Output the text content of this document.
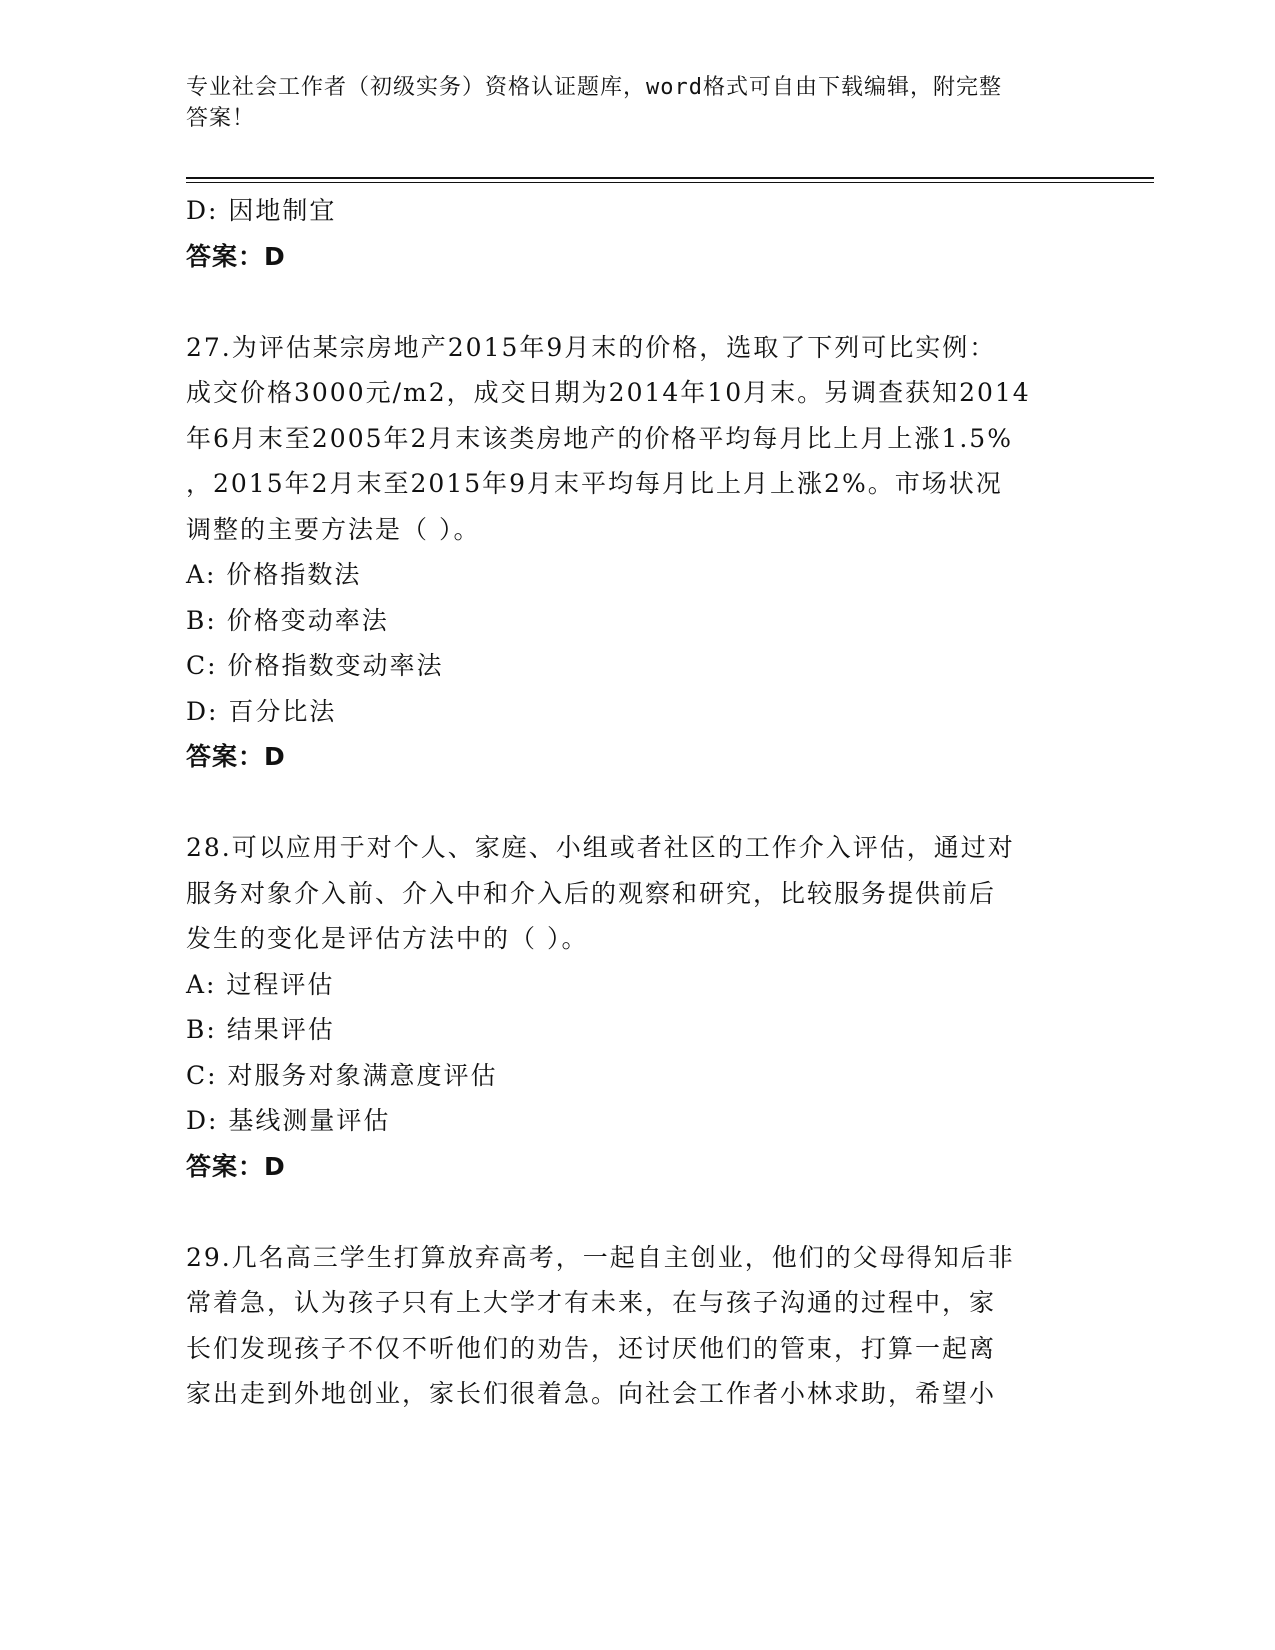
专业社会工作者（初级实务）资格认证题库，word格式可自由下载编辑，附完整
答案！
D: 因地制宜
答案：D
27.为评估某宗房地产2015年9月末的价格，选取了下列可比实例：
成交价格3000元/m2，成交日期为2014年10月末。另调查获知2014
年6月末至2005年2月末该类房地产的价格平均每月比上月上涨1.5%
，2015年2月末至2015年9月末平均每月比上月上涨2%。市场状况
调整的主要方法是（ ）。
A: 价格指数法
B: 价格变动率法
C: 价格指数变动率法
D: 百分比法
答案：D
28.可以应用于对个人、家庭、小组或者社区的工作介入评估，通过对
服务对象介入前、介入中和介入后的观察和研究，比较服务提供前后
发生的变化是评估方法中的（ ）。
A: 过程评估
B: 结果评估
C: 对服务对象满意度评估
D: 基线测量评估
答案：D
29.几名高三学生打算放弃高考，一起自主创业，他们的父母得知后非
常着急，认为孩子只有上大学才有未来，在与孩子沟通的过程中，家
长们发现孩子不仅不听他们的劝告，还讨厌他们的管束，打算一起离
家出走到外地创业，家长们很着急。向社会工作者小林求助，希望小
